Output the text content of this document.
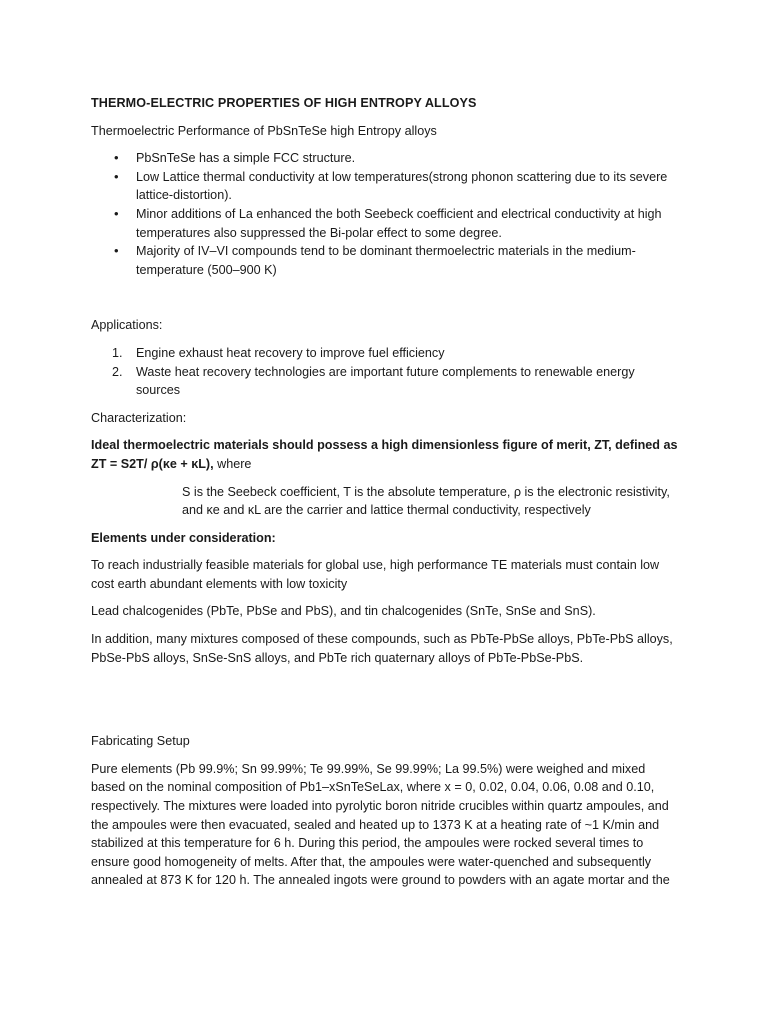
THERMO-ELECTRIC PROPERTIES OF HIGH ENTROPY ALLOYS

Thermoelectric Performance of PbSnTeSe high Entropy alloys

• PbSnTeSe has a simple FCC structure.
• Low Lattice thermal conductivity at low temperatures(strong phonon scattering due to its severe lattice-distortion).
• Minor additions of La enhanced the both Seebeck coefficient and electrical conductivity at high temperatures also suppressed the Bi-polar effect to some degree.
• Majority of IV–VI compounds tend to be dominant thermoelectric materials in the medium-temperature (500–900 K)

Applications:

1. Engine exhaust heat recovery to improve fuel efficiency
2. Waste heat recovery technologies are important future complements to renewable energy sources

Characterization:

Ideal thermoelectric materials should possess a high dimensionless figure of merit, ZT, defined as ZT = S2T/ ρ(κe + κL), where

S is the Seebeck coefficient, T is the absolute temperature, ρ is the electronic resistivity, and κe and κL are the carrier and lattice thermal conductivity, respectively

Elements under consideration:

To reach industrially feasible materials for global use, high performance TE materials must contain low cost earth abundant elements with low toxicity

Lead chalcogenides (PbTe, PbSe and PbS), and tin chalcogenides (SnTe, SnSe and SnS).

In addition, many mixtures composed of these compounds, such as PbTe-PbSe alloys, PbTe-PbS alloys, PbSe-PbS alloys, SnSe-SnS alloys, and PbTe rich quaternary alloys of PbTe-PbSe-PbS.

Fabricating Setup

Pure elements (Pb 99.9%; Sn 99.99%; Te 99.99%, Se 99.99%; La 99.5%) were weighed and mixed based on the nominal composition of Pb1–xSnTeSeLax, where x = 0, 0.02, 0.04, 0.06, 0.08 and 0.10, respectively. The mixtures were loaded into pyrolytic boron nitride crucibles within quartz ampoules, and the ampoules were then evacuated, sealed and heated up to 1373 K at a heating rate of ~1 K/min and stabilized at this temperature for 6 h. During this period, the ampoules were rocked several times to ensure good homogeneity of melts. After that, the ampoules were water-quenched and subsequently annealed at 873 K for 120 h. The annealed ingots were ground to powders with an agate mortar and the
